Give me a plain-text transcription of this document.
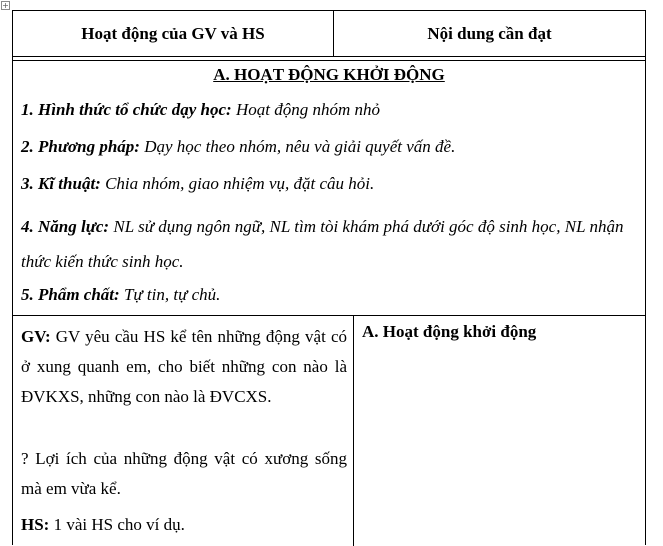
+
Hoạt động của GV và HS	Nội dung cần đạt
A. HOẠT ĐỘNG KHỞI ĐỘNG
1. Hình thức tổ chức dạy học: Hoạt động nhóm nhỏ
2. Phương pháp: Dạy học theo nhóm, nêu và giải quyết vấn đề.
3. Kĩ thuật: Chia nhóm, giao nhiệm vụ, đặt câu hỏi.
4. Năng lực: NL sử dụng ngôn ngữ, NL tìm tòi khám phá dưới góc độ sinh học, NL nhận thức kiến thức sinh học.
5. Phẩm chất: Tự tin, tự chủ.
GV: GV yêu cầu HS kể tên những động vật có ở xung quanh em, cho biết những con nào là ĐVKXS, những con nào là ĐVCXS.
? Lợi ích của những động vật có xương sống mà em vừa kể.
HS: 1 vài HS cho ví dụ.
A. Hoạt động khởi động
